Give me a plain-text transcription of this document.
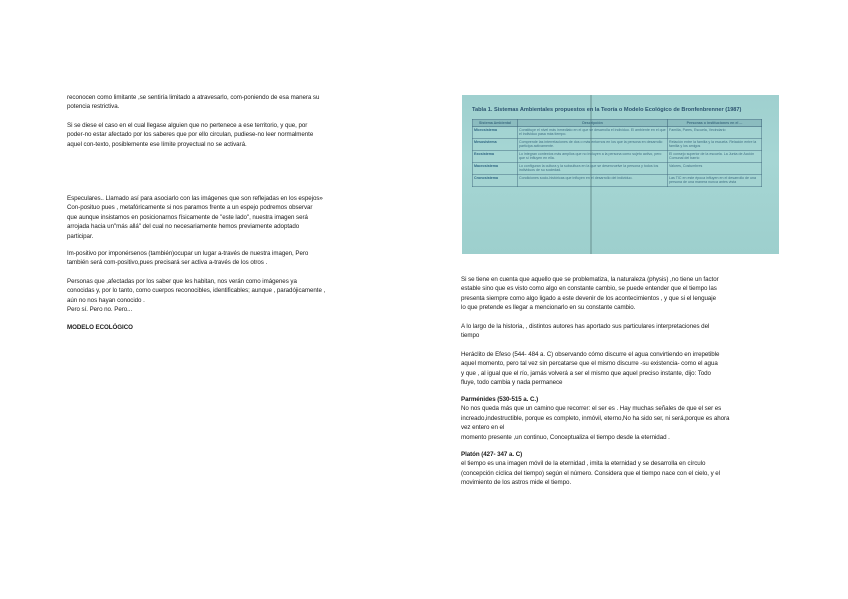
reconocen como limitante ,se sentiría limitado a atravesarlo, com-poniendo de esa manera su
potencia restrictiva.

Si se diese el caso en el cual llegase alguien que no pertenece a ese territorio, y que, por
poder-no estar afectado por los saberes que por ello circulan, pudiese-no leer normalmente
aquel con-texto, posiblemente ese límite proyectual no se activará.

Especulares.. Llamado así para asociarlo con las imágenes que son reflejadas en los espejos»
Con-posituo pues , metafóricamente si nos paramos frente a un espejo podremos observar
que aunque insistamos en posicionarnos físicamente de "este lado", nuestra imagen será
arrojada hacia un"más allá" del cual no necesariamente hemos previamente adoptado
participar.

Im-positivo por imponérsenos (también)ocupar un lugar a-través de nuestra imagen, Pero
también será com-positivo,pues precisará ser activa a-través de los otros .

Personas que ,afectadas por los saber que les habitan, nos verán como imágenes ya
conocidas y, por lo tanto, como cuerpos reconocibles, identificables; aunque , paradójicamente ,
aún no nos hayan conocido .
Pero sí. Pero no. Pero...

MODELO ECOLÓGICO

Tabla 1. Sistemas Ambientales propuestos en la Teoría o Modelo Ecológico de Bronfenbrenner (1987)
Sistema Ambiental	Descripción	Personas o instituciones en el ...
Microsistema	Constituye el nivel más inmediato en el que se desarrolla el individuo. El ambiente en el que el individuo pasa más tiempo.	Familia, Pares, Escuela, Vecindario
Mesosistema	Comprende las interrelaciones de dos o más entornos en los que la persona en desarrollo participa activamente.	Relación entre la familia y la escuela. Relación entre la familia y los amigos
Exosistema	Lo integran contextos más amplios que no incluyen a la persona como sujeto activo, pero que sí influyen en ella.	El consejo superior de la escuela. La Junta de Acción Comunal del barrio
Macrosistema	Lo configuran la cultura y la subcultura en la que se desenvuelve la persona y todos los individuos de su sociedad.	Valores, Costumbres
Cronosistema	Condiciones socio-históricas que influyen en el desarrollo del individuo.	Las TIC en este época influyen en el desarrollo de una persona de una manera nunca antes vista

Si se tiene en cuenta que aquello que se problematiza, la naturaleza (physis) ,no tiene un factor
estable sino que es visto como algo en constante cambio, se puede entender que el tiempo las
presenta siempre como algo ligado a este devenir de los acontecimientos , y que si el lenguaje
lo que pretende es llegar a mencionarlo en su constante cambio.

A lo largo de la historia, , distintos autores has aportado sus particulares interpretaciones del
tiempo

Heráclito de Efeso (544- 484 a. C) observando cómo discurre el agua convirtiendo en irrepetible
aquel momento, pero tal vez sin percatarse que el mismo discurre -su existencia- como el agua
y que , al igual que el río, jamás volverá a ser el mismo que aquel preciso instante, dijo: Todo
fluye, todo cambia y nada permanece

Parménides (530-515 a. C.)
No nos queda más que un camino que recorrer: el ser es . Hay muchas señales de que el ser es
increado,indestructible, porque es completo, inmóvil, eterno,No ha sido ser, ni será,porque es ahora
vez entero en el
momento presente ,un continuo, Conceptualiza el tiempo desde la eternidad .

Platón (427- 347 a. C)
el tiempo es una imagen móvil de la eternidad , imita la eternidad y se desarrolla en círculo
(concepción cíclica del tiempo) según el número. Considera que el tiempo nace con el cielo, y el
movimiento de los astros mide el tiempo.
